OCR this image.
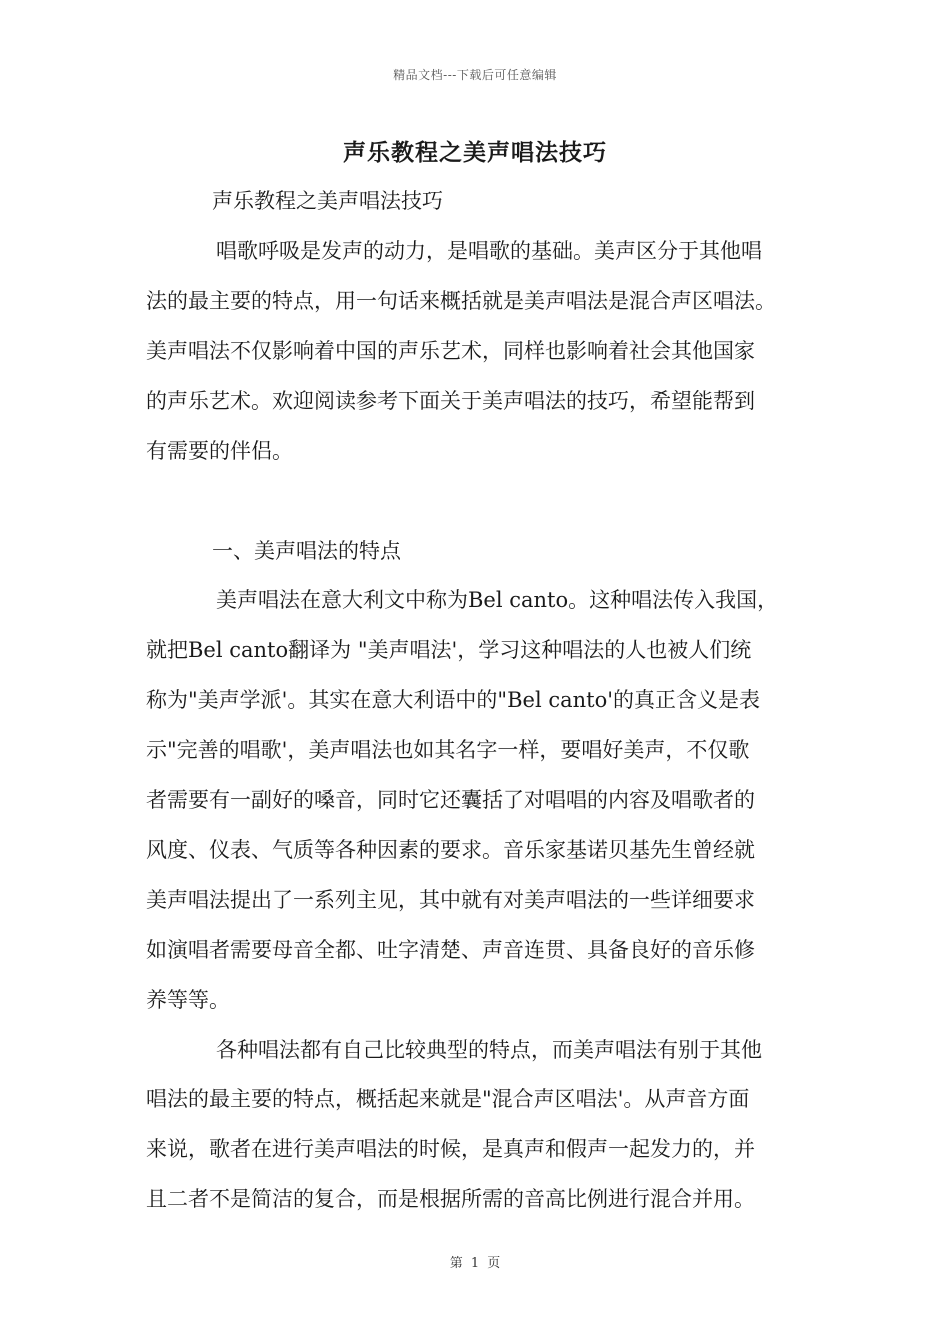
精品文档---下载后可任意编辑
声乐教程之美声唱法技巧
声乐教程之美声唱法技巧
唱歌呼吸是发声的动力，是唱歌的基础。美声区分于其他唱
法的最主要的特点，用一句话来概括就是美声唱法是混合声区唱法。
美声唱法不仅影响着中国的声乐艺术，同样也影响着社会其他国家
的声乐艺术。欢迎阅读参考下面关于美声唱法的技巧，希望能帮到
有需要的伴侣。
一、美声唱法的特点
美声唱法在意大利文中称为Bel canto。这种唱法传入我国，
就把Bel canto翻译为 "美声唱法'，学习这种唱法的人也被人们统
称为"美声学派'。其实在意大利语中的"Bel canto'的真正含义是表
示"完善的唱歌'，美声唱法也如其名字一样，要唱好美声，不仅歌
者需要有一副好的嗓音，同时它还囊括了对唱唱的内容及唱歌者的
风度、仪表、气质等各种因素的要求。音乐家基诺贝基先生曾经就
美声唱法提出了一系列主见，其中就有对美声唱法的一些详细要求
如演唱者需要母音全都、吐字清楚、声音连贯、具备良好的音乐修
养等等。
各种唱法都有自己比较典型的特点，而美声唱法有别于其他
唱法的最主要的特点，概括起来就是"混合声区唱法'。从声音方面
来说，歌者在进行美声唱法的时候，是真声和假声一起发力的，并
且二者不是简洁的复合，而是根据所需的音高比例进行混合并用。
第 1 页
